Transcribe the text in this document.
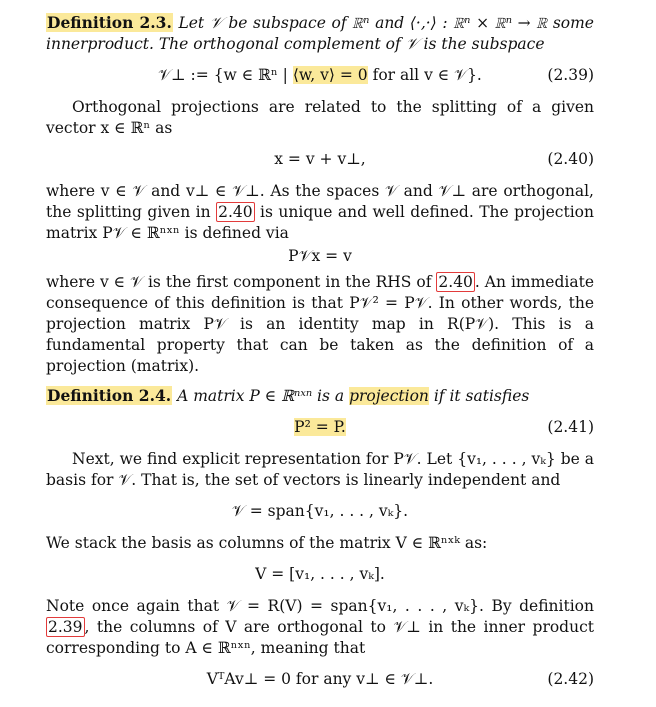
Definition 2.3. Let 𝒱 be subspace of ℝⁿ and ⟨·,·⟩ : ℝⁿ × ℝⁿ → ℝ some innerproduct. The orthogonal complement of 𝒱 is the subspace

𝒱⊥ := {w ∈ ℝⁿ | ⟨w, v⟩ = 0 for all v ∈ 𝒱}.	(2.39)

Orthogonal projections are related to the splitting of a given vector x ∈ ℝⁿ as

x = v + v⊥,	(2.40)

where v ∈ 𝒱 and v⊥ ∈ 𝒱⊥. As the spaces 𝒱 and 𝒱⊥ are orthogonal, the splitting given in 2.40 is unique and well defined. The projection matrix P𝒱 ∈ ℝⁿˣⁿ is defined via

P𝒱x = v

where v ∈ 𝒱 is the first component in the RHS of 2.40 . An immediate consequence of this definition is that P𝒱² = P𝒱. In other words, the projection matrix P𝒱 is an identity map in R(P𝒱). This is a fundamental property that can be taken as the definition of a projection (matrix).

Definition 2.4. A matrix P ∈ ℝⁿˣⁿ is a projection if it satisfies

P² = P.	(2.41)

Next, we find explicit representation for P𝒱. Let {v₁, . . . , vₖ} be a basis for 𝒱. That is, the set of vectors is linearly independent and

𝒱 = span{v₁, . . . , vₖ}.

We stack the basis as columns of the matrix V ∈ ℝⁿˣᵏ as:

V = [v₁, . . . , vₖ].

Note once again that 𝒱 = R(V) = span{v₁, . . . , vₖ}. By definition 2.39 , the columns of V are orthogonal to 𝒱⊥ in the inner product corresponding to A ∈ ℝⁿˣⁿ, meaning that

VᵀAv⊥ = 0 for any v⊥ ∈ 𝒱⊥.	(2.42)
